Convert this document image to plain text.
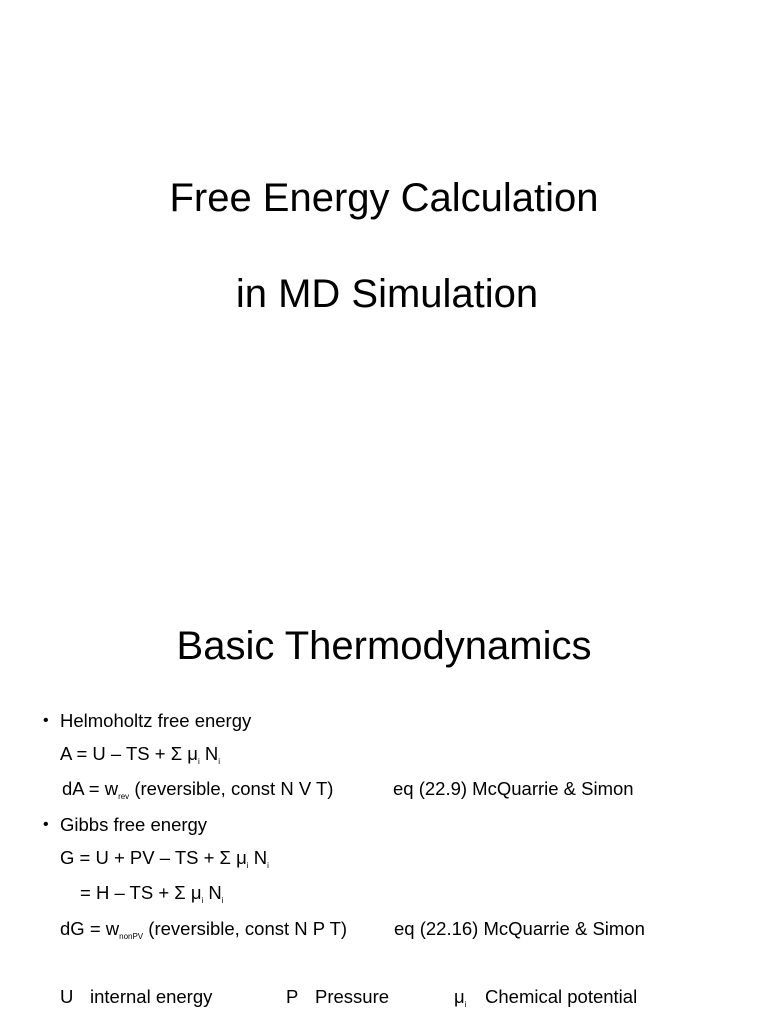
Free Energy Calculation
in MD Simulation
Basic Thermodynamics
• Helmoholtz free energy
A = U – TS + Σ $\mu_i$ $N_i$
dA = $w_{rev}$ (reversible, const N V T)	eq (22.9) McQuarrie & Simon
• Gibbs free energy
G = U + PV – TS + Σ $\mu_i$ $N_i$
= H – TS + Σ $\mu_i$ $N_i$
dG = $w_{nonPV}$ (reversible, const N P T)	eq (22.16) McQuarrie & Simon
U internal energy	P Pressure	$\mu_i$ Chemical potential
